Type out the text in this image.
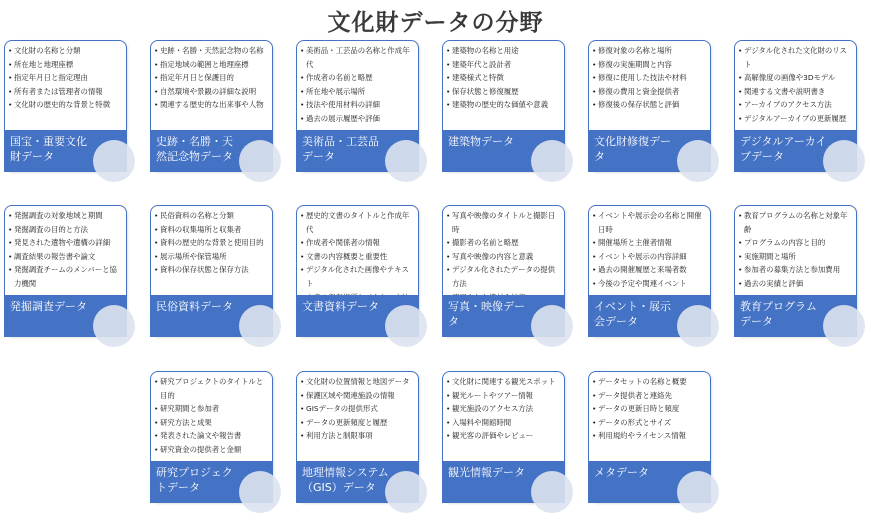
文化財データの分野
• 文化財の名称と分類
• 所在地と地理座標
• 指定年月日と指定理由
• 所有者または管理者の情報
• 文化財の歴史的な背景と特徴
国宝・重要文化財データ
• 史跡・名勝・天然記念物の名称
• 指定地域の範囲と地理座標
• 指定年月日と保護目的
• 自然環境や景観の詳細な説明
• 関連する歴史的な出来事や人物
史跡・名勝・天然記念物データ
• 美術品・工芸品の名称と作成年代
• 作成者の名前と略歴
• 所在地や展示場所
• 技法や使用材料の詳細
• 過去の展示履歴や評価
美術品・工芸品データ
• 建築物の名称と用途
• 建築年代と設計者
• 建築様式と特徴
• 保存状態と修復履歴
• 建築物の歴史的な価値や意義
建築物データ
• 修復対象の名称と場所
• 修復の実施期間と内容
• 修復に使用した技法や材料
• 修復の費用と資金提供者
• 修復後の保存状態と評価
文化財修復データ
• デジタル化された文化財のリスト
• 高解像度の画像や3Dモデル
• 関連する文書や説明書き
• アーカイブのアクセス方法
• デジタルアーカイブの更新履歴
デジタルアーカイブデータ
• 発掘調査の対象地域と期間
• 発掘調査の目的と方法
• 発見された遺物や遺構の詳細
• 調査結果の報告書や論文
• 発掘調査チームのメンバーと協力機関
発掘調査データ
• 民俗資料の名称と分類
• 資料の収集場所と収集者
• 資料の歴史的な背景と使用目的
• 展示場所や保管場所
• 資料の保存状態と保存方法
民俗資料データ
• 歴史的文書のタイトルと作成年代
• 作成者や関係者の情報
• 文書の内容概要と重要性
• デジタル化された画像やテキスト
•
文書資料データ
• 写真や映像のタイトルと撮影日時
• 撮影者の名前と略歴
• 写真や映像の内容と意義
• デジタル化されたデータの提供方法
•
写真・映像データ
• イベントや展示会の名称と開催日時
• 開催場所と主催者情報
• イベントや展示の内容詳細
• 過去の開催履歴と来場者数
• 今後の予定や関連イベント
イベント・展示会データ
• 教育プログラムの名称と対象年齢
• プログラムの内容と目的
• 実施期間と場所
• 参加者の募集方法と参加費用
• 過去の実績と評価
教育プログラムデータ
• 研究プロジェクトのタイトルと目的
• 研究期間と参加者
• 研究方法と成果
• 発表された論文や報告書
• 研究資金の提供者と金額
研究プロジェクトデータ
• 文化財の位置情報と地図データ
• 保護区域や関連施設の情報
• GISデータの提供形式
• データの更新頻度と履歴
• 利用方法と制限事項
地理情報システム（GIS）データ
• 文化財に関連する観光スポット
• 観光ルートやツアー情報
• 観光施設のアクセス方法
• 入場料や開館時間
• 観光客の評価やレビュー
観光情報データ
• データセットの名称と概要
• データ提供者と連絡先
• データの更新日時と頻度
• データの形式とサイズ
• 利用規約やライセンス情報
メタデータ
